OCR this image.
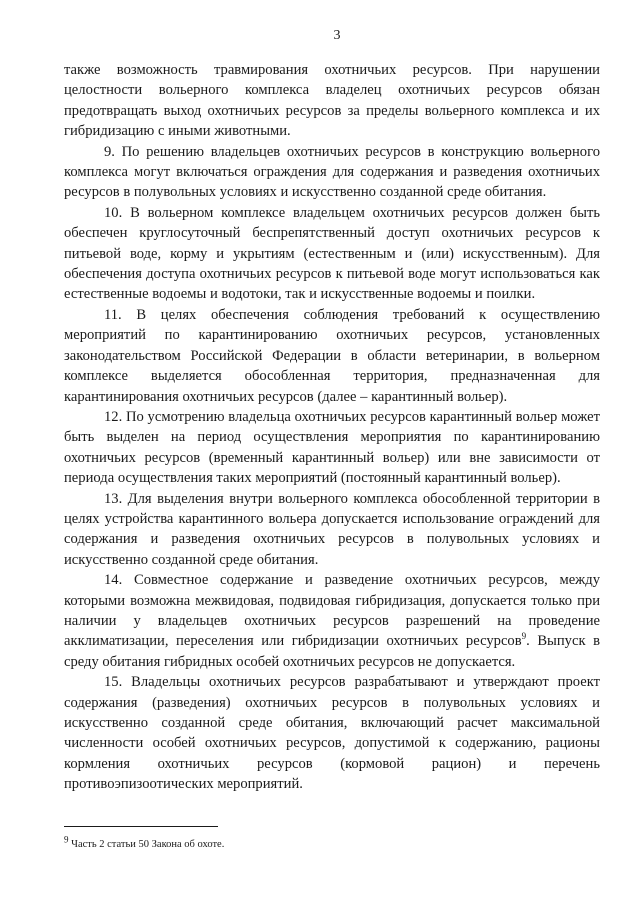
3

также возможность травмирования охотничьих ресурсов. При нарушении целостности вольерного комплекса владелец охотничьих ресурсов обязан предотвращать выход охотничьих ресурсов за пределы вольерного комплекса и их гибридизацию с иными животными.

9. По решению владельцев охотничьих ресурсов в конструкцию вольерного комплекса могут включаться ограждения для содержания и разведения охотничьих ресурсов в полувольных условиях и искусственно созданной среде обитания.

10. В вольерном комплексе владельцем охотничьих ресурсов должен быть обеспечен круглосуточный беспрепятственный доступ охотничьих ресурсов к питьевой воде, корму и укрытиям (естественным и (или) искусственным). Для обеспечения доступа охотничьих ресурсов к питьевой воде могут использоваться как естественные водоемы и водотоки, так и искусственные водоемы и поилки.

11. В целях обеспечения соблюдения требований к осуществлению мероприятий по карантинированию охотничьих ресурсов, установленных законодательством Российской Федерации в области ветеринарии, в вольерном комплексе выделяется обособленная территория, предназначенная для карантинирования охотничьих ресурсов (далее – карантинный вольер).

12. По усмотрению владельца охотничьих ресурсов карантинный вольер может быть выделен на период осуществления мероприятия по карантинированию охотничьих ресурсов (временный карантинный вольер) или вне зависимости от периода осуществления таких мероприятий (постоянный карантинный вольер).

13. Для выделения внутри вольерного комплекса обособленной территории в целях устройства карантинного вольера допускается использование ограждений для содержания и разведения охотничьих ресурсов в полувольных условиях и искусственно созданной среде обитания.

14. Совместное содержание и разведение охотничьих ресурсов, между которыми возможна межвидовая, подвидовая гибридизация, допускается только при наличии у владельцев охотничьих ресурсов разрешений на проведение акклиматизации, переселения или гибридизации охотничьих ресурсов$^9$. Выпуск в среду обитания гибридных особей охотничьих ресурсов не допускается.

15. Владельцы охотничьих ресурсов разрабатывают и утверждают проект содержания (разведения) охотничьих ресурсов в полувольных условиях и искусственно созданной среде обитания, включающий расчет максимальной численности особей охотничьих ресурсов, допустимой к содержанию, рационы кормления охотничьих ресурсов (кормовой рацион) и перечень противоэпизоотических мероприятий.

$^9$ Часть 2 статьи 50 Закона об охоте.
